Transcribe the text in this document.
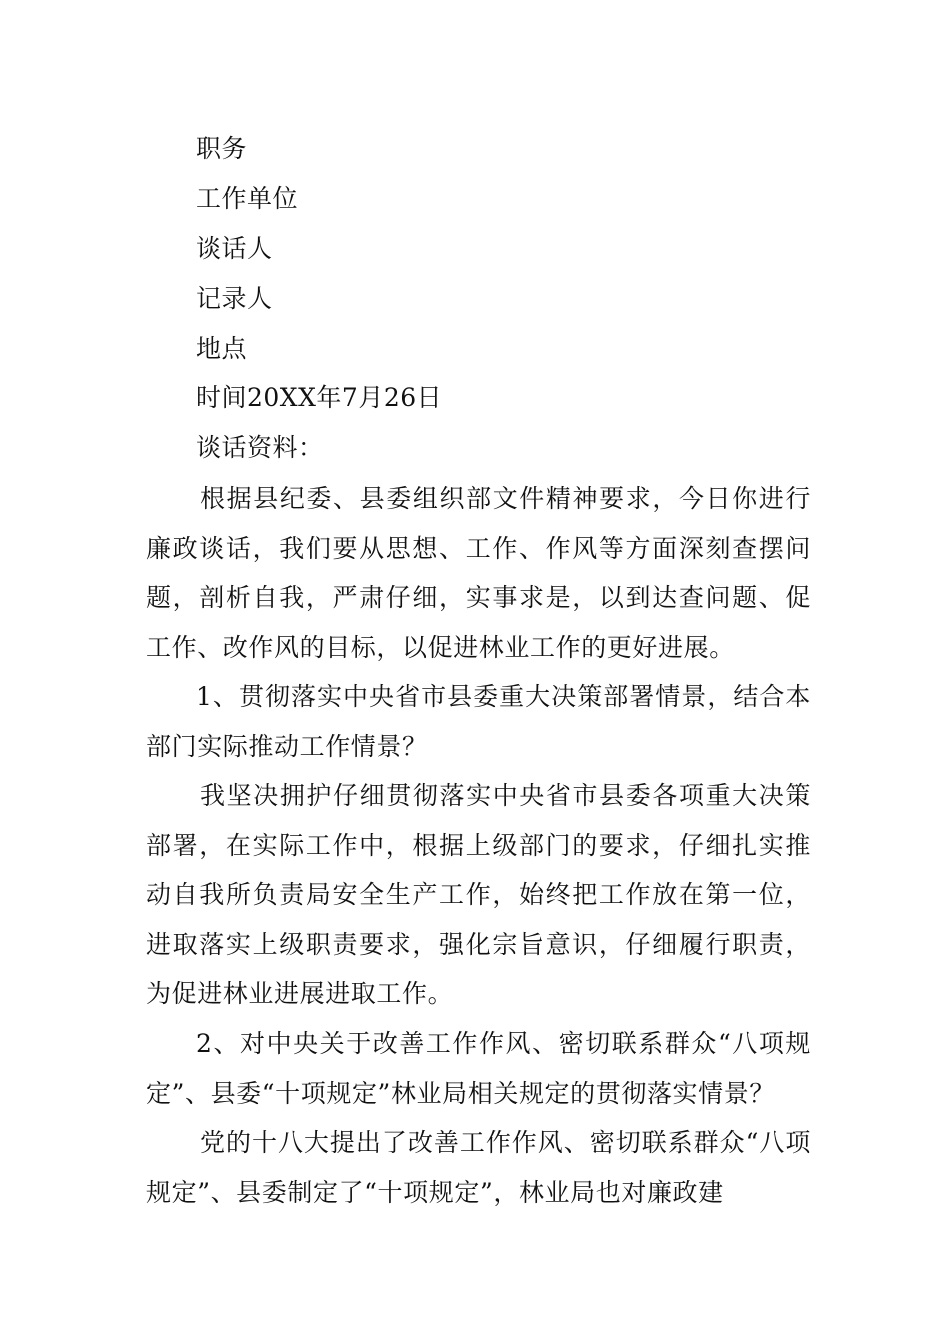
职务
工作单位
谈话人
记录人
地点
时间20XX年7月26日
谈话资料：
根据县纪委、县委组织部文件精神要求，今日你进行廉政谈话，我们要从思想、工作、作风等方面深刻查摆问题，剖析自我，严肃仔细，实事求是，以到达查问题、促工作、改作风的目标，以促进林业工作的更好进展。
1、贯彻落实中央省市县委重大决策部署情景，结合本部门实际推动工作情景？
我坚决拥护仔细贯彻落实中央省市县委各项重大决策部署，在实际工作中，根据上级部门的要求，仔细扎实推动自我所负责局安全生产工作，始终把工作放在第一位，进取落实上级职责要求，强化宗旨意识，仔细履行职责，为促进林业进展进取工作。
2、对中央关于改善工作作风、密切联系群众“八项规定”、县委“十项规定”林业局相关规定的贯彻落实情景？
党的十八大提出了改善工作作风、密切联系群众“八项规定”、县委制定了“十项规定”，林业局也对廉政建
